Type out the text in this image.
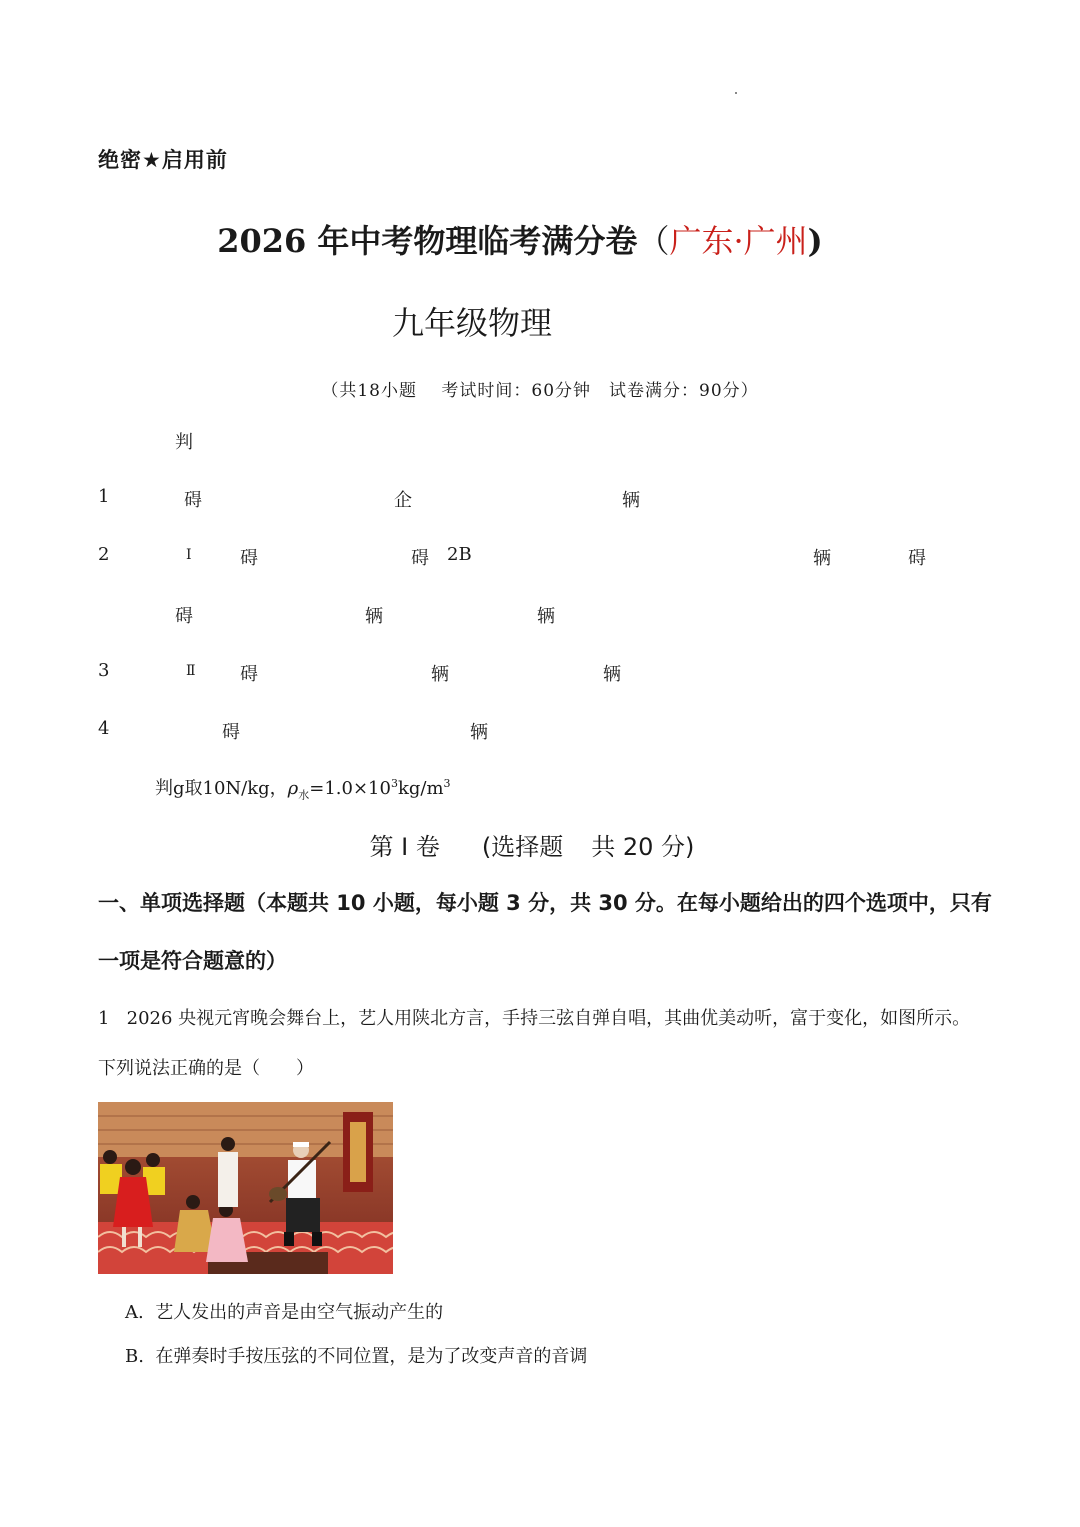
绝密★启用前
2026 年中考物理临考满分卷（广东·广州)
九年级物理
（共18小题　 考试时间：60分钟　试卷满分：90分）
判
1	碍	企	辆
2	Ⅰ	碍	碍 2B	辆	碍
碍	辆	辆
3	Ⅱ 碍	辆	辆
4	碍	辆
判g取10N/kg，$\rho_水=1.0\times 10^3kg/m^3$
第 Ⅰ 卷 (选择题 共 20 分)
一、单项选择题（本题共 10 小题，每小题 3 分，共 30 分。在每小题给出的四个选项中，只有
一项是符合题意的）
1 2026 央视元宵晚会舞台上，艺人用陕北方言，手持三弦自弹自唱，其曲优美动听，富于变化，如图所示。
下列说法正确的是（　　）
A. 艺人发出的声音是由空气振动产生的
B. 在弹奏时手按压弦的不同位置，是为了改变声音的音调
